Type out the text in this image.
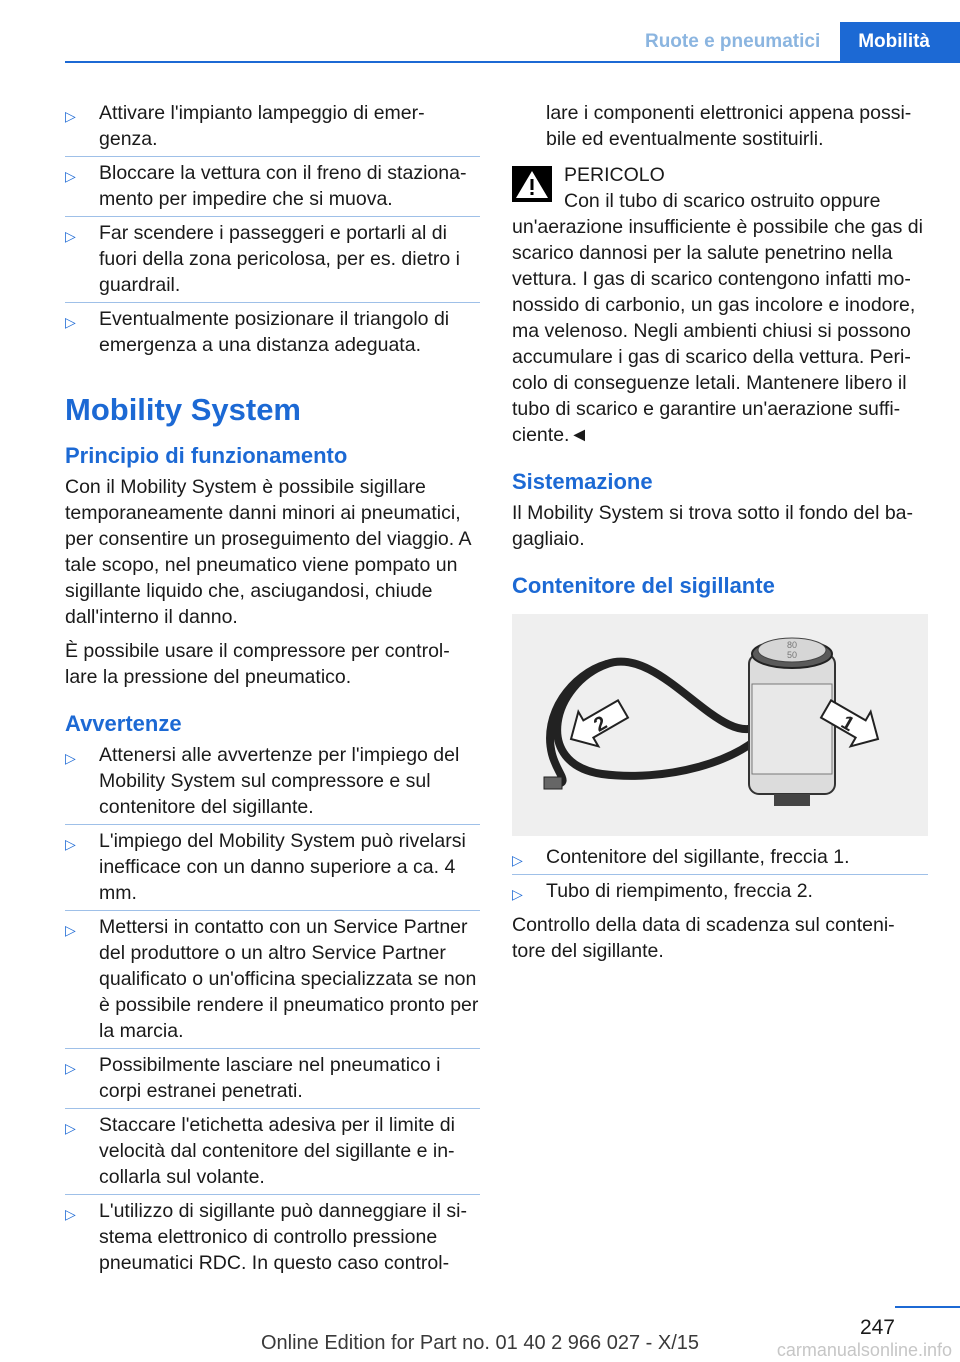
Ruote e pneumatici	Mobilità
▷ Attivare l'impianto lampeggio di emer-genza.
▷ Bloccare la vettura con il freno di staziona-mento per impedire che si muova.
▷ Far scendere i passeggeri e portarli al di fuori della zona pericolosa, per es. dietro i guardrail.
▷ Eventualmente posizionare il triangolo di emergenza a una distanza adeguata.
Mobility System
Principio di funzionamento

Con il Mobility System è possibile sigillare temporaneamente danni minori ai pneumatici, per consentire un proseguimento del viaggio. A tale scopo, nel pneumatico viene pompato un sigillante liquido che, asciugandosi, chiude dall'interno il danno.

È possibile usare il compressore per control-lare la pressione del pneumatico.

Avvertenze
▷ Attenersi alle avvertenze per l'impiego del Mobility System sul compressore e sul contenitore del sigillante.
▷ L'impiego del Mobility System può rivelarsi inefficace con un danno superiore a ca. 4 mm.
▷ Mettersi in contatto con un Service Partner del produttore o un altro Service Partner qualificato o un'officina specializzata se non è possibile rendere il pneumatico pronto per la marcia.
▷ Possibilmente lasciare nel pneumatico i corpi estranei penetrati.
▷ Staccare l'etichetta adesiva per il limite di velocità dal contenitore del sigillante e in-collarla sul volante.
▷ L'utilizzo di sigillante può danneggiare il si-stema elettronico di controllo pressione pneumatici RDC. In questo caso control-

lare i componenti elettronici appena possi-bile ed eventualmente sostituirli.

PERICOLO
Con il tubo di scarico ostruito oppure

un'aerazione insufficiente è possibile che gas di scarico dannosi per la salute penetrino nella vettura. I gas di scarico contengono infatti mo-nossido di carbonio, un gas incolore e inodore, ma velenoso. Negli ambienti chiusi si possono accumulare i gas di scarico della vettura. Peri-colo di conseguenze letali. Mantenere libero il tubo di scarico e garantire un'aerazione suffi-ciente.◄

Sistemazione

Il Mobility System si trova sotto il fondo del ba-gagliaio.

Contenitore del sigillante
80
50
2	1
▷ Contenitore del sigillante, freccia 1.
▷ Tubo di riempimento, freccia 2.

Controllo della data di scadenza sul conteni-tore del sigillante.

247
Online Edition for Part no. 01 40 2 966 027 - X/15	carmanualsonline.info
